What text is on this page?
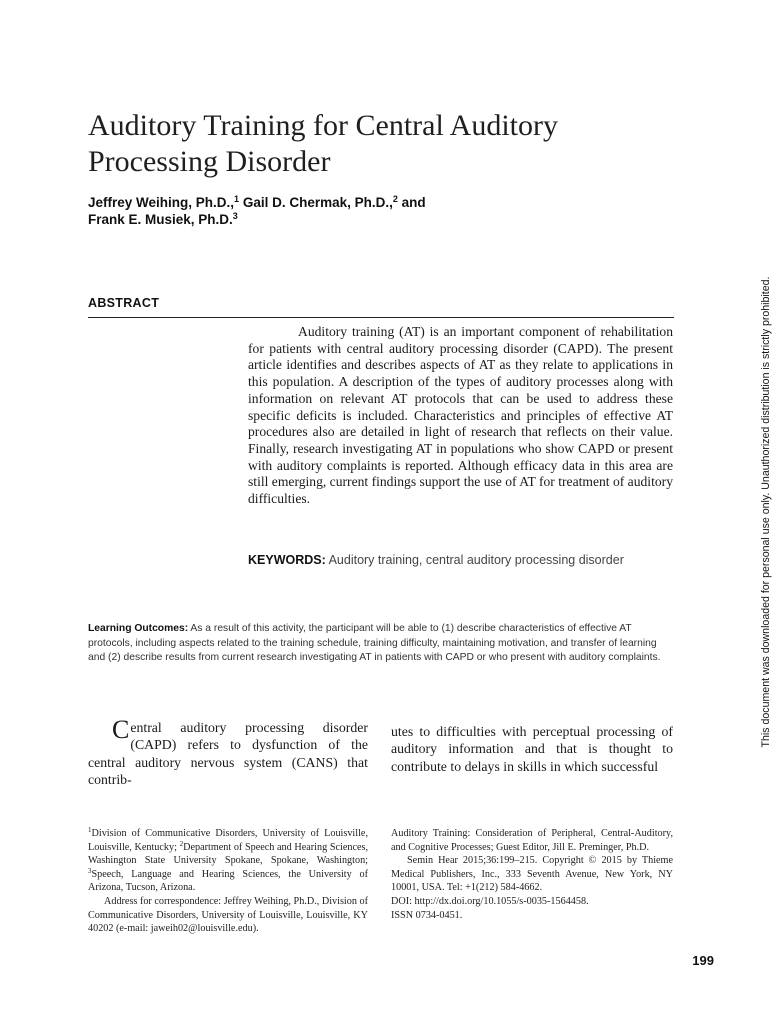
Auditory Training for Central Auditory
Processing Disorder
Jeffrey Weihing, Ph.D.,$^1$ Gail D. Chermak, Ph.D.,$^2$ and
Frank E. Musiek, Ph.D.$^3$
ABSTRACT
Auditory training (AT) is an important component of rehabilitation for patients with central auditory processing disorder (CAPD). The present article identifies and describes aspects of AT as they relate to applications in this population. A description of the types of auditory processes along with information on relevant AT protocols that can be used to address these specific deficits is included. Characteristics and principles of effective AT procedures also are detailed in light of research that reflects on their value. Finally, research investigating AT in populations who show CAPD or present with auditory complaints is reported. Although efficacy data in this area are still emerging, current findings support the use of AT for treatment of auditory difficulties.
KEYWORDS: Auditory training, central auditory processing disorder
Learning Outcomes: As a result of this activity, the participant will be able to (1) describe characteristics of effective AT protocols, including aspects related to the training schedule, training difficulty, maintaining motivation, and transfer of learning and (2) describe results from current research investigating AT in patients with CAPD or who present with auditory complaints.
Central auditory processing disorder (CAPD) refers to dysfunction of the central auditory nervous system (CANS) that contrib-
utes to difficulties with perceptual processing of auditory information and that is thought to contribute to delays in skills in which successful
$^1$Division of Communicative Disorders, University of Louisville, Louisville, Kentucky; $^2$Department of Speech and Hearing Sciences, Washington State University Spokane, Spokane, Washington; $^3$Speech, Language and Hearing Sciences, the University of Arizona, Tucson, Arizona.
Address for correspondence: Jeffrey Weihing, Ph.D., Division of Communicative Disorders, University of Louisville, Louisville, KY 40202 (e-mail: jaweih02@louisville.edu).
Auditory Training: Consideration of Peripheral, Central-Auditory, and Cognitive Processes; Guest Editor, Jill E. Preminger, Ph.D.
Semin Hear 2015;36:199–215. Copyright © 2015 by Thieme Medical Publishers, Inc., 333 Seventh Avenue, New York, NY 10001, USA. Tel: +1(212) 584-4662.
DOI: http://dx.doi.org/10.1055/s-0035-1564458.
ISSN 0734-0451.
199
This document was downloaded for personal use only. Unauthorized distribution is strictly prohibited.
